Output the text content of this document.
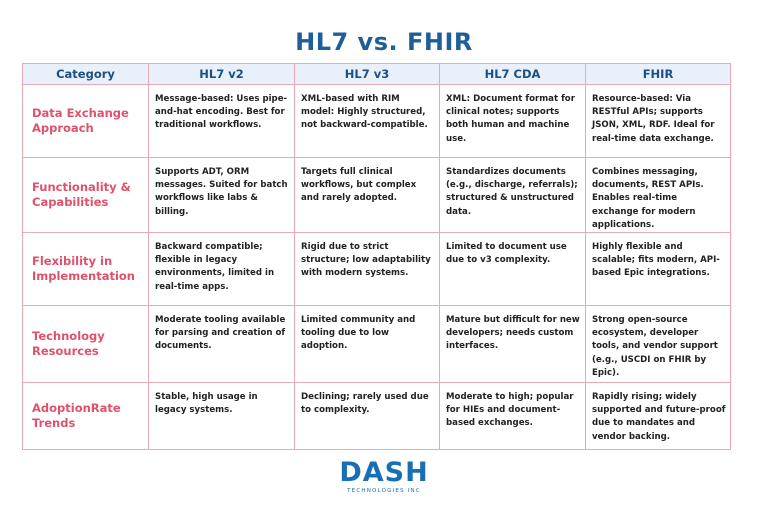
HL7 vs. FHIR
Category	HL7 v2	HL7 v3	HL7 CDA	FHIR
Data Exchange Approach	Message-based: Uses pipe-and-hat encoding. Best for traditional workflows.	XML-based with RIM model: Highly structured, not backward-compatible.	XML: Document format for clinical notes; supports both human and machine use.	Resource-based: Via RESTful APIs; supports JSON, XML, RDF. Ideal for real-time data exchange.
Functionality & Capabilities	Supports ADT, ORM messages. Suited for batch workflows like labs & billing.	Targets full clinical workflows, but complex and rarely adopted.	Standardizes documents (e.g., discharge, referrals); structured & unstructured data.	Combines messaging, documents, REST APIs. Enables real-time exchange for modern applications.
Flexibility in Implementation	Backward compatible; flexible in legacy environments, limited in real-time apps.	Rigid due to strict structure; low adaptability with modern systems.	Limited to document use due to v3 complexity.	Highly flexible and scalable; fits modern, API-based Epic integrations.
Technology Resources	Moderate tooling available for parsing and creation of documents.	Limited community and tooling due to low adoption.	Mature but difficult for new developers; needs custom interfaces.	Strong open-source ecosystem, developer tools, and vendor support (e.g., USCDI on FHIR by Epic).
AdoptionRate Trends	Stable, high usage in legacy systems.	Declining; rarely used due to complexity.	Moderate to high; popular for HIEs and document-based exchanges.	Rapidly rising; widely supported and future-proof due to mandates and vendor backing.
DASH
TECHNOLOGIES INC
